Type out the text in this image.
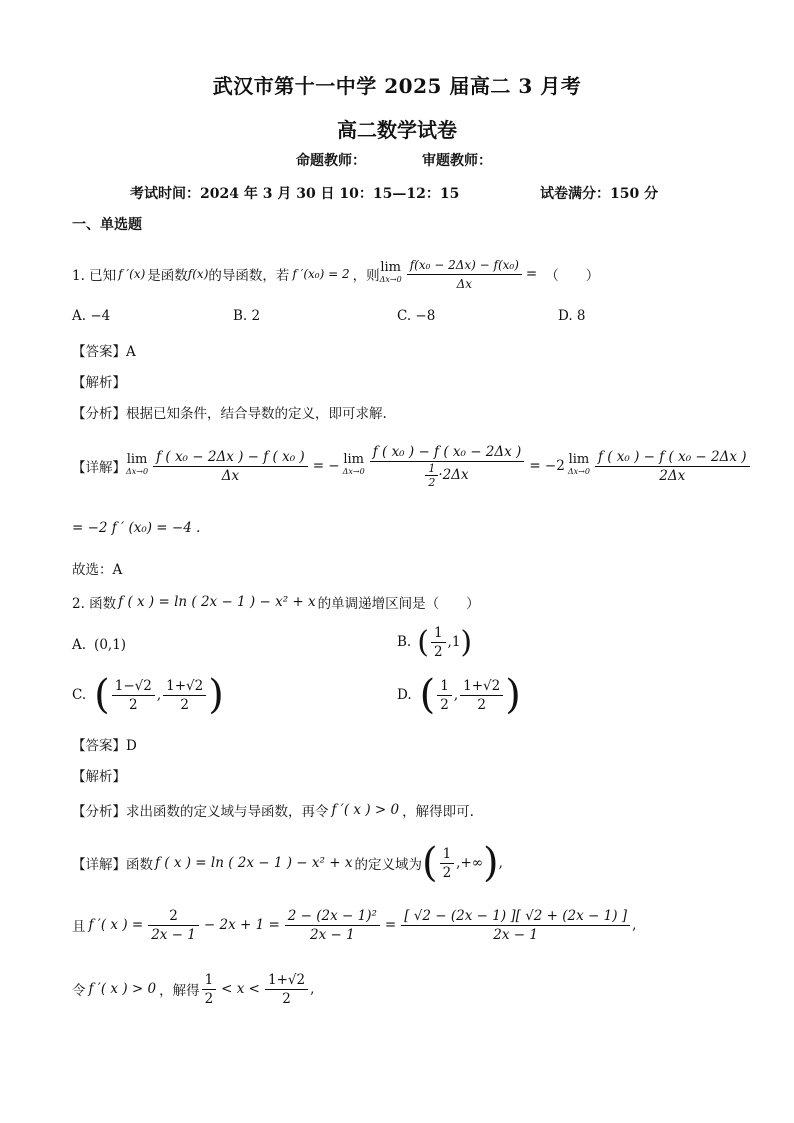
武汉市第十一中学 2025 届高二 3 月考
高二数学试卷
命题教师：	审题教师：
考试时间：2024 年 3 月 30 日 10：15—12：15	试卷满分：150 分
一、单选题
1. 已知 f ′(x) 是函数 f(x) 的导函数，若 f ′(x₀) = 2 ，则
lim
$\Delta x\to 0 \frac{\text{f(x₀ − 2Δx) − f(x₀)}}{\Delta x}$ = （　　）
A. −4	B. 2	C. −8	D. 8
【答案】A
【解析】
【分析】根据已知条件，结合导数的定义，即可求解.
【详解】
lim
$\Delta x\to 0 \frac{\text{f ( x₀ − 2Δx ) − f ( x₀ )}}{\Delta x}$ = − lim
$\Delta x\to 0 \frac{\text{f ( x₀ ) − f ( x₀ − 2Δx )}}{\frac{1}{2} \cdot 2\Delta x} = -2$ lim
$\Delta x\to 0 \frac{\text{f ( x₀ ) − f ( x₀ − 2Δx )}}{2\Delta x}$
= −2 f ′ (x₀) = −4 .
故选：A
2. 函数 f ( x ) = ln ( 2x − 1 ) − x² + x 的单调递增区间是（　　）
A. (0,1)	B. ( $\frac{1}{2} ,1$ )
C. ( $\frac{1-√2}{2}$ , $\frac{1+√2}{2}$ )	D. ( $\frac{1}{2}$ , $\frac{1+√2}{2}$ )
【答案】D
【解析】
【分析】 求出函数的定义域与导函数，再令 f ′( x ) > 0 ，解得即可.
【详解】 函数 f ( x ) = ln ( 2x − 1 ) − x² + x 的定义域为 ( $\frac{1}{2}$ ,+∞ ) ,
且 f ′( x ) = $\frac{2}{2x - 1} - 2x + 1 = \frac{\text{2 − (2x − 1)²}}{2x - 1} = \frac{[ √2 - (2x - 1) ][ √2 + (2x - 1) ]}{2x - 1}$ ,
令 f ′( x ) > 0 ，解得 $\frac{1}{2} < x < \frac{1+√2}{2}$ ,
